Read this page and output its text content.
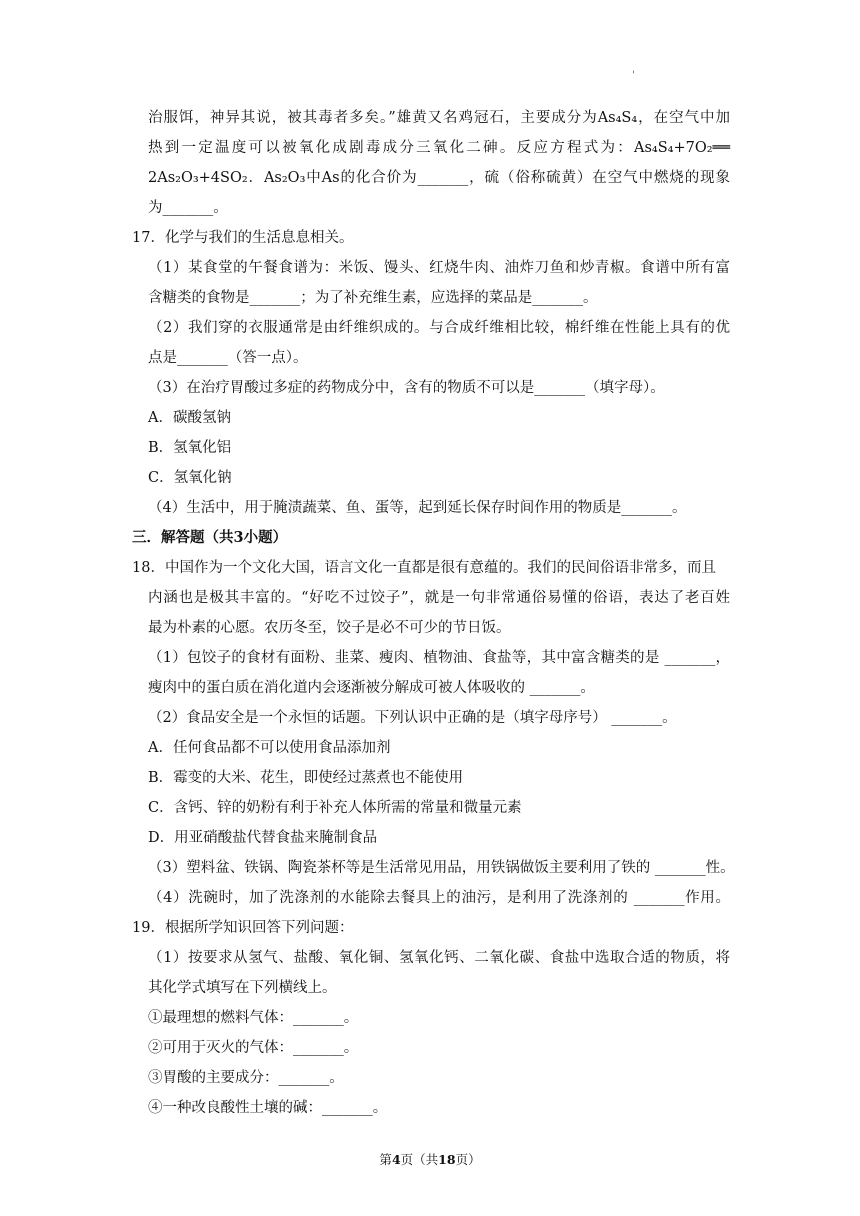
'
治服饵，神异其说，被其毒者多矣。”雄黄又名鸡冠石，主要成分为As₄S₄，在空气中加
热到一定温度可以被氧化成剧毒成分三氧化二砷。反应方程式为：As₄S₄+7O₂══
2As₂O₃+4SO₂．As₂O₃中As的化合价为_______，硫（俗称硫黄）在空气中燃烧的现象
为_______。
17．化学与我们的生活息息相关。
（1）某食堂的午餐食谱为：米饭、馒头、红烧牛肉、油炸刀鱼和炒青椒。食谱中所有富
含糖类的食物是_______；为了补充维生素，应选择的菜品是_______。
（2）我们穿的衣服通常是由纤维织成的。与合成纤维相比较，棉纤维在性能上具有的优
点是_______（答一点）。
（3）在治疗胃酸过多症的药物成分中，含有的物质不可以是_______（填字母）。
A．碳酸氢钠
B．氢氧化铝
C．氢氧化钠
（4）生活中，用于腌渍蔬菜、鱼、蛋等，起到延长保存时间作用的物质是_______。
三．解答题（共3小题）
18．中国作为一个文化大国，语言文化一直都是很有意蕴的。我们的民间俗语非常多，而且
内涵也是极其丰富的。“好吃不过饺子”，就是一句非常通俗易懂的俗语，表达了老百姓
最为朴素的心愿。农历冬至，饺子是必不可少的节日饭。
（1）包饺子的食材有面粉、韭菜、瘦肉、植物油、食盐等，其中富含糖类的是 _______，
瘦肉中的蛋白质在消化道内会逐渐被分解成可被人体吸收的 _______。
（2）食品安全是一个永恒的话题。下列认识中正确的是（填字母序号） _______。
A．任何食品都不可以使用食品添加剂
B．霉变的大米、花生，即使经过蒸煮也不能使用
C．含钙、锌的奶粉有利于补充人体所需的常量和微量元素
D．用亚硝酸盐代替食盐来腌制食品
（3）塑料盆、铁锅、陶瓷茶杯等是生活常见用品，用铁锅做饭主要利用了铁的 _______性。
（4）洗碗时，加了洗涤剂的水能除去餐具上的油污，是利用了洗涤剂的 _______作用。
19．根据所学知识回答下列问题：
（1）按要求从氢气、盐酸、氧化铜、氢氧化钙、二氧化碳、食盐中选取合适的物质，将
其化学式填写在下列横线上。
①最理想的燃料气体：_______。
②可用于灭火的气体：_______。
③胃酸的主要成分：_______。
④一种改良酸性土壤的碱：_______。
第4页（共18页）
